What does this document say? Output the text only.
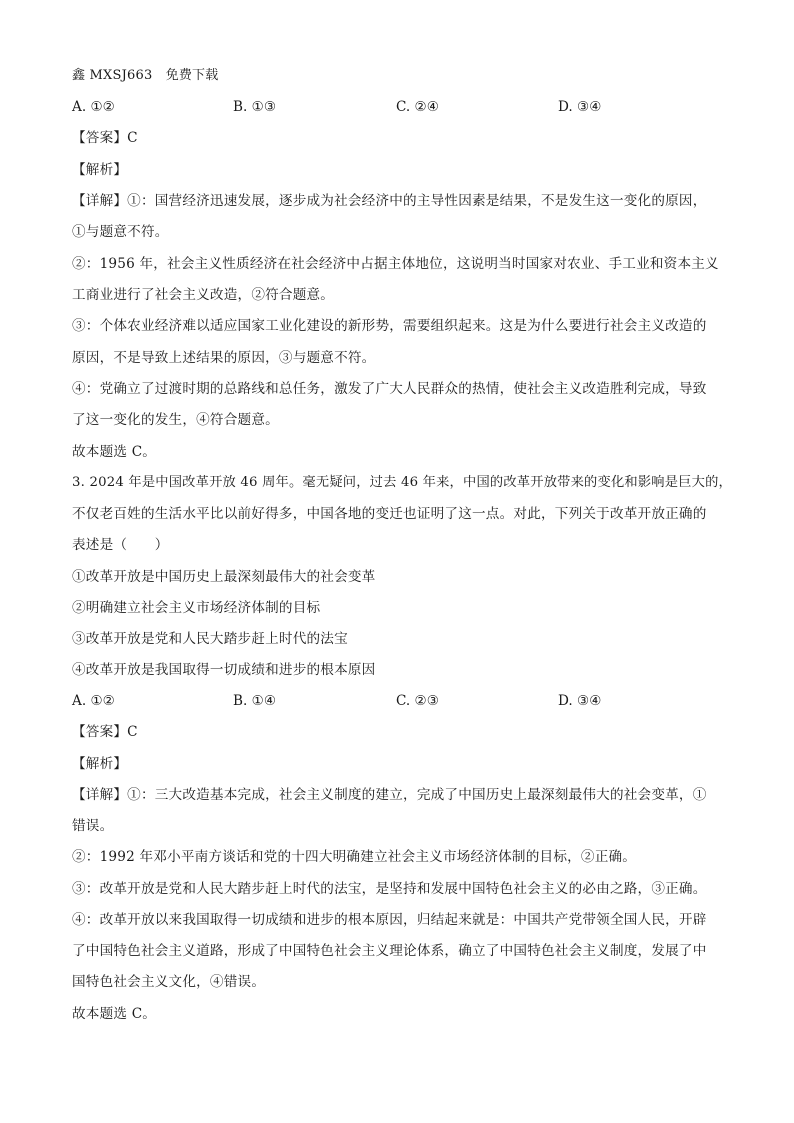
鑫 MXSJ663　免费下载
A. ①②	B. ①③	C. ②④	D. ③④
【答案】C
【解析】
【详解】①：国营经济迅速发展，逐步成为社会经济中的主导性因素是结果，不是发生这一变化的原因，
①与题意不符。
②：1956 年，社会主义性质经济在社会经济中占据主体地位，这说明当时国家对农业、手工业和资本主义
工商业进行了社会主义改造，②符合题意。
③：个体农业经济难以适应国家工业化建设的新形势，需要组织起来。这是为什么要进行社会主义改造的
原因，不是导致上述结果的原因，③与题意不符。
④：党确立了过渡时期的总路线和总任务，激发了广大人民群众的热情，使社会主义改造胜利完成，导致
了这一变化的发生，④符合题意。
故本题选 C。
3. 2024 年是中国改革开放 46 周年。毫无疑问，过去 46 年来，中国的改革开放带来的变化和影响是巨大的，
不仅老百姓的生活水平比以前好得多，中国各地的变迁也证明了这一点。对此，下列关于改革开放正确的
表述是（　　）
①改革开放是中国历史上最深刻最伟大的社会变革
②明确建立社会主义市场经济体制的目标
③改革开放是党和人民大踏步赶上时代的法宝
④改革开放是我国取得一切成绩和进步的根本原因
A. ①②	B. ①④	C. ②③	D. ③④
【答案】C
【解析】
【详解】①：三大改造基本完成，社会主义制度的建立，完成了中国历史上最深刻最伟大的社会变革，①
错误。
②：1992 年邓小平南方谈话和党的十四大明确建立社会主义市场经济体制的目标，②正确。
③：改革开放是党和人民大踏步赶上时代的法宝，是坚持和发展中国特色社会主义的必由之路，③正确。
④：改革开放以来我国取得一切成绩和进步的根本原因，归结起来就是：中国共产党带领全国人民，开辟
了中国特色社会主义道路，形成了中国特色社会主义理论体系，确立了中国特色社会主义制度，发展了中
国特色社会主义文化，④错误。
故本题选 C。
